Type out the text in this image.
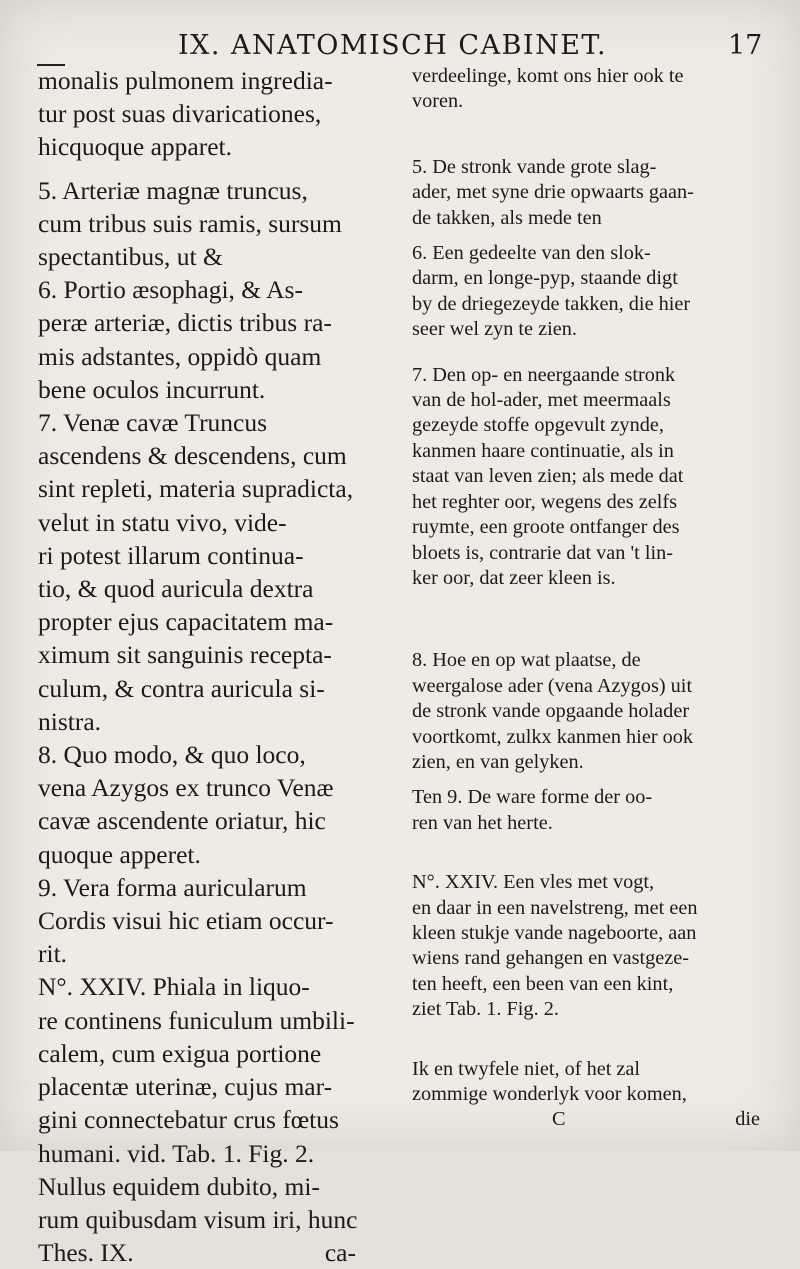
IX. ANATOMISCH CABINET.	17
monalis pulmonem ingredia-
tur post suas divaricationes,
hicquoque apparet.
5. Arteriæ magnæ truncus,
cum tribus suis ramis, sursum
spectantibus, ut &
6. Portio æsophagi, & As-
peræ arteriæ, dictis tribus ra-
mis adstantes, oppidò quam
bene oculos incurrunt.
7. Venæ cavæ Truncus
ascendens & descendens, cum
sint repleti, materia supradicta,
velut in statu vivo, vide-
ri potest illarum continua-
tio, & quod auricula dextra
propter ejus capacitatem ma-
ximum sit sanguinis recepta-
culum, & contra auricula si-
nistra.
8. Quo modo, & quo loco,
vena Azygos ex trunco Venæ
cavæ ascendente oriatur, hic
quoque apperet.
9. Vera forma auricularum
Cordis visui hic etiam occur-
rit.
N°. XXIV. Phiala in liquo-
re continens funiculum umbili-
calem, cum exigua portione
placentæ uterinæ, cujus mar-
gini connectebatur crus fœtus
humani. vid. Tab. 1. Fig. 2.
Nullus equidem dubito, mi-
rum quibusdam visum iri, hunc
Thes. IX.                              ca-
verdeelinge, komt ons hier ook te
voren.
5. De stronk vande grote slag-
ader, met syne drie opwaarts gaan-
de takken, als mede ten
6. Een gedeelte van den slok-
darm, en longe-pyp, staande digt
by de driegezeyde takken, die hier
seer wel zyn te zien.
7. Den op- en neergaande stronk
van de hol-ader, met meermaals
gezeyde stoffe opgevult zynde,
kanmen haare continuatie, als in
staat van leven zien; als mede dat
het reghter oor, wegens des zelfs
ruymte, een groote ontfanger des
bloets is, contrarie dat van 't lin-
ker oor, dat zeer kleen is.
8. Hoe en op wat plaatse, de
weergalose ader (vena Azygos) uit
de stronk vande opgaande holader
voortkomt, zulkx kanmen hier ook
zien, en van gelyken.
Ten 9. De ware forme der oo-
ren van het herte.
N°. XXIV. Een vles met vogt,
en daar in een navelstreng, met een
kleen stukje vande nageboorte, aan
wiens rand gehangen en vastgeze-
ten heeft, een been van een kint,
ziet Tab. 1. Fig. 2.
Ik en twyfele niet, of het zal
zommige wonderlyk voor komen,
C	die
